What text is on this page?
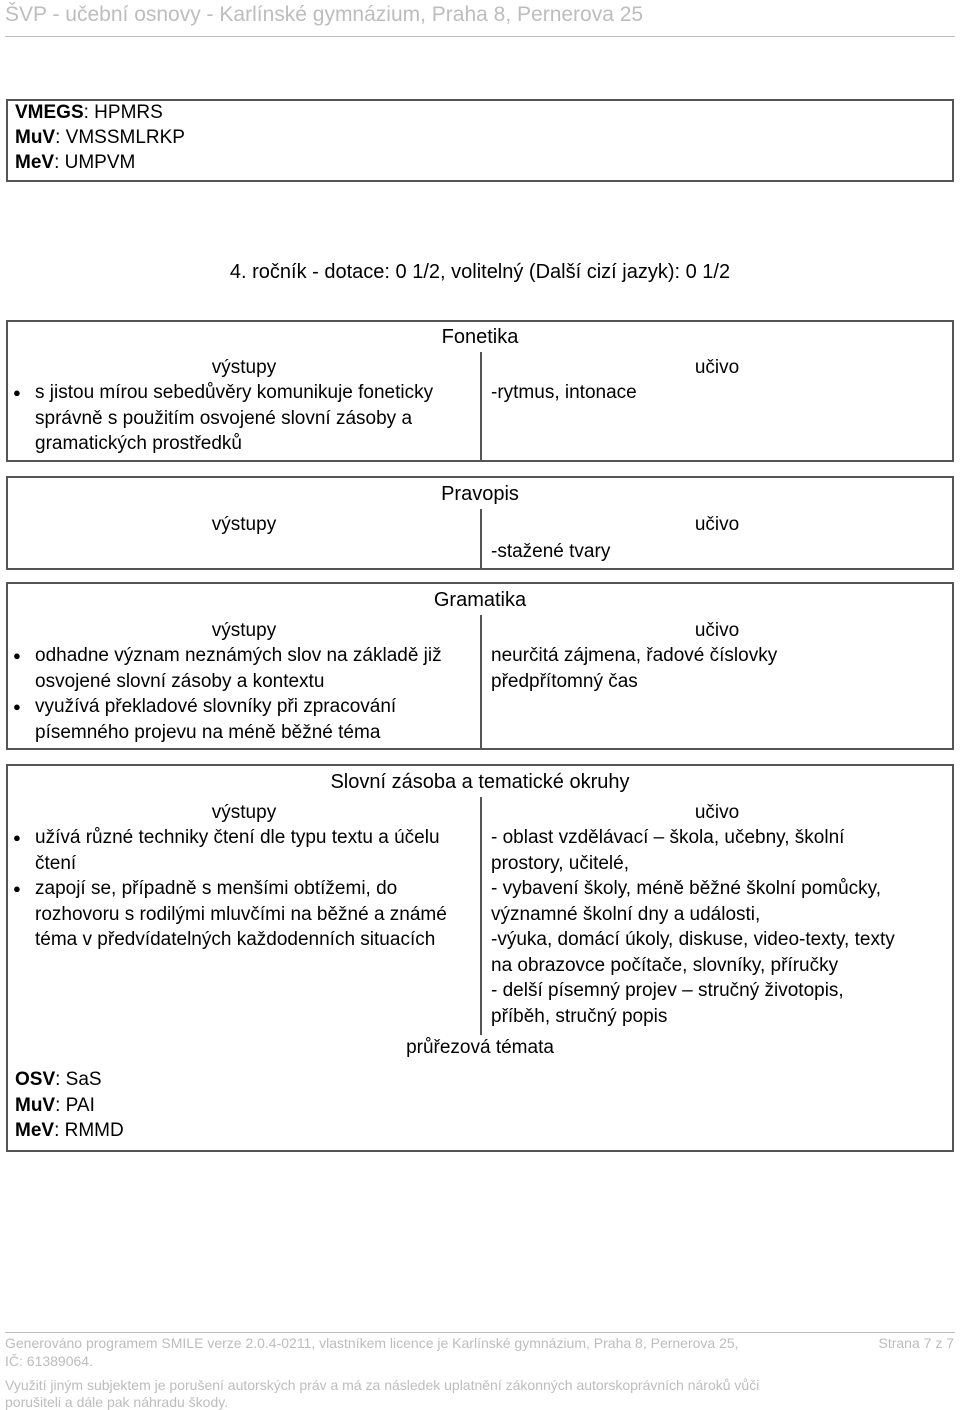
ŠVP - učební osnovy - Karlínské gymnázium, Praha 8, Pernerova 25
VMEGS: HPMRS
MuV: VMSSMLRKP
MeV: UMPVM
4. ročník - dotace: 0 1/2, volitelný (Další cizí jazyk): 0 1/2
Fonetika
výstupy
● s jistou mírou sebedůvěry komunikuje foneticky správně s použitím osvojené slovní zásoby a gramatických prostředků
učivo
-rytmus, intonace
Pravopis
výstupy	učivo
-stažené tvary
Gramatika
výstupy
● odhadne význam neznámých slov na základě již osvojené slovní zásoby a kontextu
● využívá překladové slovníky při zpracování písemného projevu na méně běžné téma
učivo
neurčitá zájmena, řadové číslovky
předpřítomný čas
Slovní zásoba a tematické okruhy
výstupy
● užívá různé techniky čtení dle typu textu a účelu čtení
● zapojí se, případně s menšími obtížemi, do rozhovoru s rodilými mluvčími na běžné a známé téma v předvídatelných každodenních situacích
učivo
- oblast vzdělávací – škola, učebny, školní
prostory, učitelé,
- vybavení školy, méně běžné školní pomůcky,
významné školní dny a události,
-výuka, domácí úkoly, diskuse, video-texty, texty
na obrazovce počítače, slovníky, příručky
- delší písemný projev – stručný životopis,
příběh, stručný popis
průřezová témata
OSV: SaS
MuV: PAI
MeV: RMMD
Generováno programem SMILE verze 2.0.4-0211, vlastníkem licence je Karlínské gymnázium, Praha 8, Pernerova 25,
IČ: 61389064.
Strana 7 z 7
Využití jiným subjektem je porušení autorských práv a má za následek uplatnění zákonných autorskoprávních nároků vůči
porušiteli a dále pak náhradu škody.
